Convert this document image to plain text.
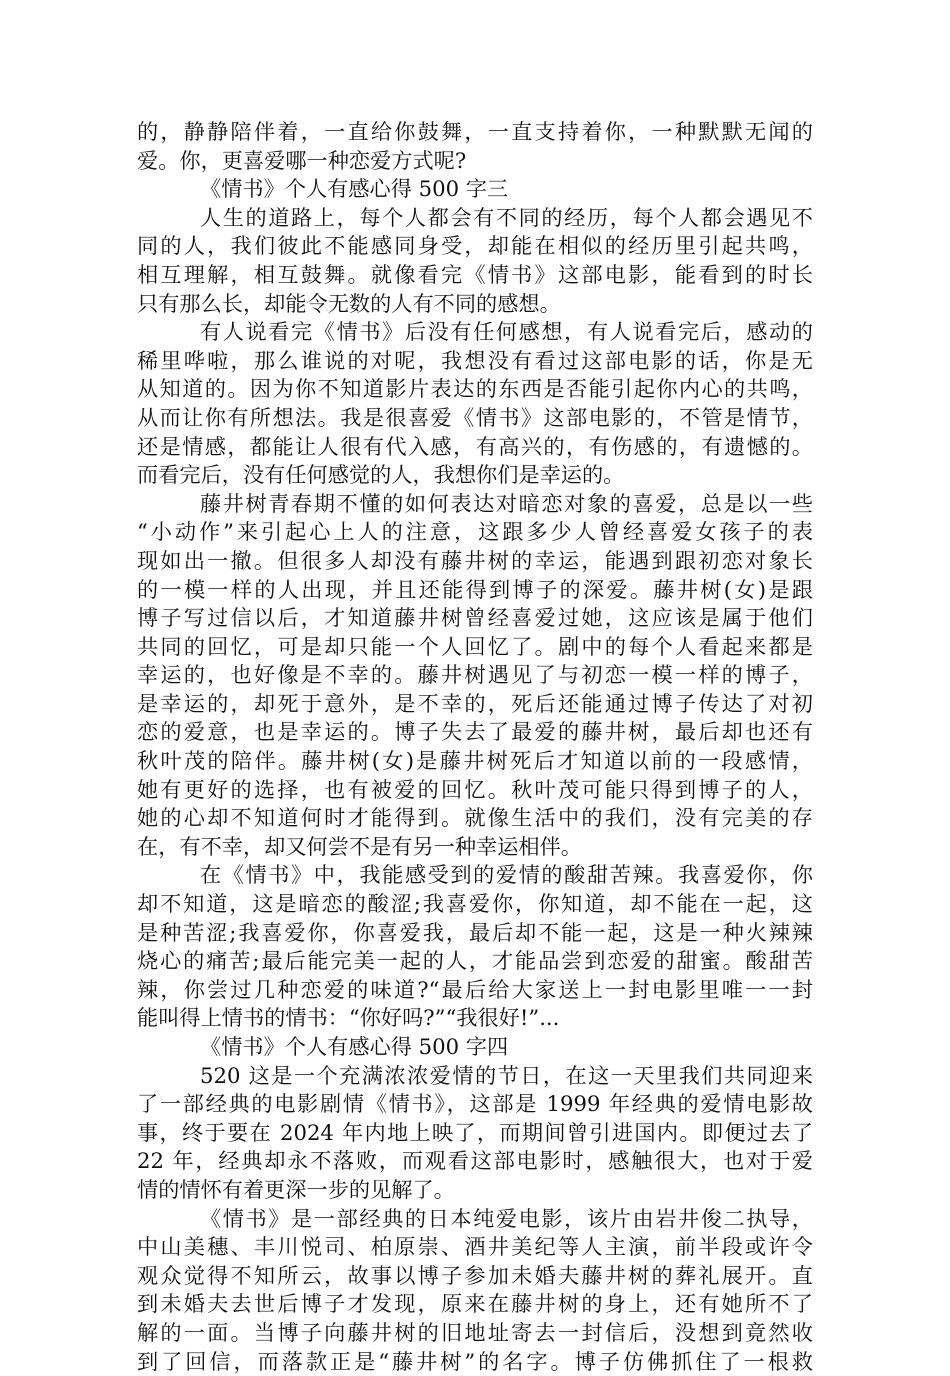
的，静静陪伴着，一直给你鼓舞，一直支持着你，一种默默无闻的
爱。你，更喜爱哪一种恋爱方式呢?
《情书》个人有感心得 500 字三
人生的道路上，每个人都会有不同的经历，每个人都会遇见不
同的人，我们彼此不能感同身受，却能在相似的经历里引起共鸣，
相互理解，相互鼓舞。就像看完《情书》这部电影，能看到的时长
只有那么长，却能令无数的人有不同的感想。
有人说看完《情书》后没有任何感想，有人说看完后，感动的
稀里哗啦，那么谁说的对呢，我想没有看过这部电影的话，你是无
从知道的。因为你不知道影片表达的东西是否能引起你内心的共鸣，
从而让你有所想法。我是很喜爱《情书》这部电影的，不管是情节，
还是情感，都能让人很有代入感，有高兴的，有伤感的，有遗憾的。
而看完后，没有任何感觉的人，我想你们是幸运的。
藤井树青春期不懂的如何表达对暗恋对象的喜爱，总是以一些
“小动作”来引起心上人的注意，这跟多少人曾经喜爱女孩子的表
现如出一撤。但很多人却没有藤井树的幸运，能遇到跟初恋对象长
的一模一样的人出现，并且还能得到博子的深爱。藤井树(女)是跟
博子写过信以后，才知道藤井树曾经喜爱过她，这应该是属于他们
共同的回忆，可是却只能一个人回忆了。剧中的每个人看起来都是
幸运的，也好像是不幸的。藤井树遇见了与初恋一模一样的博子，
是幸运的，却死于意外，是不幸的，死后还能通过博子传达了对初
恋的爱意，也是幸运的。博子失去了最爱的藤井树，最后却也还有
秋叶茂的陪伴。藤井树(女)是藤井树死后才知道以前的一段感情，
她有更好的选择，也有被爱的回忆。秋叶茂可能只得到博子的人，
她的心却不知道何时才能得到。就像生活中的我们，没有完美的存
在，有不幸，却又何尝不是有另一种幸运相伴。
在《情书》中，我能感受到的爱情的酸甜苦辣。我喜爱你，你
却不知道，这是暗恋的酸涩;我喜爱你，你知道，却不能在一起，这
是种苦涩;我喜爱你，你喜爱我，最后却不能一起，这是一种火辣辣
烧心的痛苦;最后能完美一起的人，才能品尝到恋爱的甜蜜。酸甜苦
辣，你尝过几种恋爱的味道?“最后给大家送上一封电影里唯一一封
能叫得上情书的情书：“你好吗?”“我很好!”...
《情书》个人有感心得 500 字四
520 这是一个充满浓浓爱情的节日，在这一天里我们共同迎来
了一部经典的电影剧情《情书》，这部是 1999 年经典的爱情电影故
事，终于要在 2024 年内地上映了，而期间曾引进国内。即便过去了
22 年，经典却永不落败，而观看这部电影时，感触很大，也对于爱
情的情怀有着更深一步的见解了。
《情书》是一部经典的日本纯爱电影，该片由岩井俊二执导，
中山美穗、丰川悦司、柏原崇、酒井美纪等人主演，前半段或许令
观众觉得不知所云，故事以博子参加未婚夫藤井树的葬礼展开。直
到未婚夫去世后博子才发现，原来在藤井树的身上，还有她所不了
解的一面。当博子向藤井树的旧地址寄去一封信后，没想到竟然收
到了回信，而落款正是“藤井树”的名字。博子仿佛抓住了一根救
